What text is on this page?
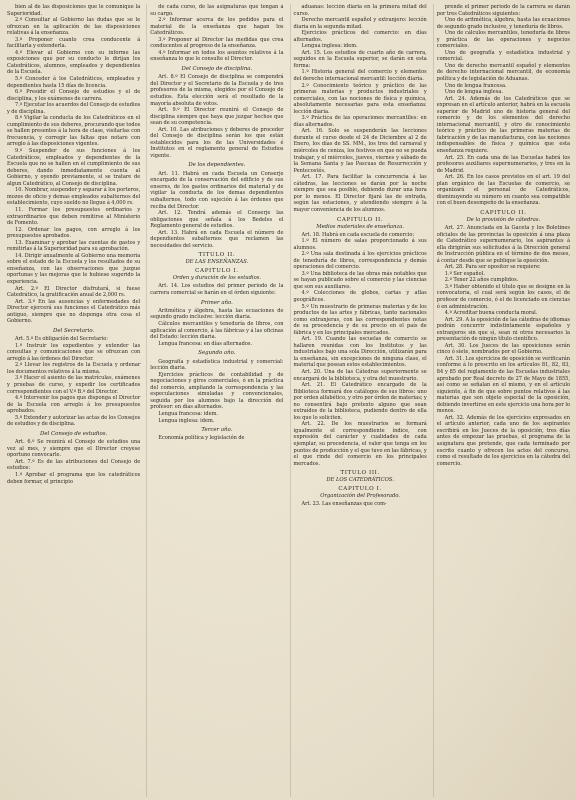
bien al de las disposiciones que le comunique la Superioridad.
2.º Consultar al Gobierno las dudas que se le ofrezcan en la aplicación de las disposiciones relativas á la enseñanza.
3.º Proponer cuanto crea conducente á facilitarla y extenderla.
4.º Elevar al Gobierno con su informe las exposiciones que por su conducto le dirijan los Catedráticos, alumnos, empleados y dependientes de la Escuela.
5.º Conceder á los Catedráticos, empleados y dependientes hasta 15 días de licencia.
6.º Presidir el Consejo de estudios y el de disciplina, y los exámenes de carrera.
7.º Ejecutar los acuerdos del Consejo de estudios y de disciplina.
8.º Vigilar la conducta de los Catedráticos en el cumplimiento de sus deberes, procurando que todos se hallen presentes á la hora de clase, visitarlas con frecuencia, y corregir las faltas que notare con arreglo á las disposiciones vigentes.
9.º Suspender de sus funciones á los Catedráticos, empleados y dependientes de la Escuela que no se hallen en el cumplimiento de sus deberes, dando inmediatamente cuenta al Gobierno, y oyendo previamente, si se tratare de algun Catedrático, al Consejo de disciplina.
10. Nombrar, suspender y separar á los porteros, mozos de oficio y demas empleados subalternos del establecimiento, cuyo sueldo no llegue á 4,000 rs.
11. Formar los presupuestos ordinarios y extraordinarios que deben remitirse al Ministerio de Fomento.
12. Ordenar los pagos, con arreglo á los presupuestos aprobados.
13. Examinar y aprobar las cuentas de gastos y remitirlas á la Superioridad para su aprobación.
14. Dirigir anualmente al Gobierno una memoria sobre el estado de la Escuela y los resultados de su enseñanza, con las observaciones que juzgue oportunas y las mejoras que le hubiese sugerido la experiencia.
Art. 2.º El Director disfrutará, si fuese Catedrático, la gratificación anual de 2,000 rs.
Art. 3.º En las ausencias y enfermedades del Director ejercerá sus funciones el Catedrático más antiguo, siempre que no disponga otra cosa el Gobierno.
Del Secretario.
Art. 5.º Es obligación del Secretario:
1.º Instruir los expedientes y extender las consultas y comunicaciones que se ofrezcan con arreglo á las órdenes del Director.
2.º Llevar los registros de la Escuela y ordenar los documentos relativos á la misma.
3.º Hacer el asiento de las matrículas, exámenes y pruebas de curso, y expedir los certificados correspondientes con el V.º B.º del Director.
4.º Intervenir los pagos que disponga el Director de la Escuela con arreglo á los presupuestos aprobados.
5.º Extender y autorizar las actas de los Consejos de estudios y de disciplina.
Del Consejo de estudios.
Art. 6.º Se reunirá el Consejo de estudios una vez al mes, y siempre que el Director creyese oportuno convocarle.
Art. 7.º Es de las atribuciones del Consejo de estudios:
1.º Aprobar el programa que los catedráticos deben formar, el principio
de cada curso, de las asignaturas que tengan á su cargo.
2.º Informar acerca de los pedidos para el material de la enseñanza que hagan los Catedráticos.
3.º Proponer al Director las medidas que crea conducentes al progreso de la enseñanza.
4.º Informar en todos los asuntos relativos á la enseñanza lo que le consulte el Director.
Del Consejo de disciplina.
Art. 8.º El Consejo de disciplina se compondrá del Director y el Secretario de la Escuela y de tres profesores de la misma, elegidos por el Consejo de estudios. Esta elección será el resultado de la mayoría absoluta de votos.
Art. 9.º El Director reunirá el Consejo de disciplina siempre que haya que juzgar hechos que sean de su competencia.
Art. 10. Las atribuciones y deberes de proceder del Consejo de disciplina serán los que están establecidos para los de las Universidades é Institutos en el reglamento general de Estudios vigente.
De los dependientes.
Art. 11. Habrá en cada Escuela un Conserje encargado de la conservación del edificio y de sus enseres, de los gastos ordinarios del material y de vigilar la conducta de los demas dependientes subalternos, todo con sujeción á las órdenes que reciba del Director.
Art. 12. Tendrá además el Conserje las obligaciones que señala á los Bedeles el Reglamento general de estudios.
Art. 13. Habrá en cada Escuela el número de dependientes subalternos que reclamen las necesidades del servicio.
TITULO II.
DE LAS ENSEÑANZAS.
CAPITULO I.
Orden y duración de los estudios.
Art. 14. Los estudios del primer periodo de la carrera comercial se harán en el órden siguiente:
Primer año.
Aritmética y álgebra, hasta las ecuaciones de segundo grado inclusive: lección diaria.
Cálculos mercantiles y teneduría de libros, con aplicación al comercio, á las fábricas y á las oficinas del Estado: lección diaria.
Lengua francesa: en días alternados.
Segundo año.
Geografía y estadística industrial y comercial: lección diaria.
Ejercicios prácticos de contabilidad y de negociaciones y giros comerciales, ó en la práctica del comercio, ampliando la correspondencia y las especulaciones simuladas y convencionales, seguida por los alumnos bajo la dirección del profesor: en días alternados.
Lengua francesa: idem.
Lengua inglesa: idem.
Tercer año.
Economía política y legislación de
aduanas: lección diaria en la primera mitad del curso.
Derecho mercantil español y extranjero: lección diaria en la segunda mitad.
Ejercicios prácticos del comercio: en días alternados.
Lengua inglesa: idem.
Art. 15. Los estudios de cuarto año de carrera, seguidos en la Escuela superior, se darán en esta forma:
1.º Historia general del comercio y elementos del derecho internacional mercantil: lección diaria.
2.º Conocimiento teórico y práctico de las primeras materias y productos industriales y comerciales, con las nociones de física y química, absolutamente necesarias para esta enseñanza: lección diaria.
3.º Práctica de las operaciones mercantiles: en días alternados.
Art. 16. Solo se suspenderán las lecciones durante el curso desde el 24 de Diciembre al 2 de Enero, los días de SS. MM., los tres del carnaval y miércoles de ceniza, los festivos en que no se pueda trabajar, y el miércoles, jueves, viernes y sábado de la Semana Santa y las Pascuas de Resurrección y Pentecostés.
Art. 17. Para facilitar la concurrencia á las cátedras, las lecciones se darán por la noche siempre que sea posible, debiendo durar una hora por lo menos. El Director fijará las de entrada, según las estaciones, y atendiendo siempre á la mayor conveniencia de los alumnos.
CAPITULO II.
Medios materiales de enseñanza.
Art. 18. Habrá en cada escuela de comercio:
1.º El número de salas proporcionado á sus alumnos.
2.º Una sala destinada á los ejercicios prácticos de teneduría de libros, correspondencia y demás operaciones del comercio.
3.º Una biblioteca de las obras más notables que se hayan publicado sobre el comercio y las ciencias que son sus auxiliares.
4.º Colecciones de globos, cartas y atlas geográficos.
5.º Un muestrario de primeras materias y de los productos de las artes y fábricas, tanto nacionales como extranjeras, con las correspondientes notas de su procedencia y de su precio en el país de fábrica y en los principales mercados.
Art. 19. Cuando las escuelas de comercio se hallaren reunidas con los Institutos y las industriales bajo una sola Dirección, utilizarán para la enseñanza, sin excepciones de ninguna clase, el material que posean estos establecimientos.
Art. 20. Una de las Cátedras superiormente se encargará de la biblioteca, y otra del muestrario.
Art. 21. El Catedrático encargado de la Biblioteca formará dos catálogos de sus libros: uno por orden alfabético, y otro por órden de materias; y no consentirá bajo pretexto alguno que sean extraídos de la biblioteca, pudiendo dentro de ella los que lo soliciten.
Art. 22. De los muestrarios se formará igualmente el correspondiente índice, con expresión del carácter y cualidades de cada ejemplar, su procedencia, el valor que tenga en los puntos de producción y el que tuvo en las fábricas, y el que rinde del comercio en los principales mercados.
TITULO III.
DE LOS CATEDRÁTICOS.
CAPITULO I.
Organización del Profesorado.
Art. 23. Las enseñanzas que com-
prende el primer periodo de la carrera se darán por tres Catedráticos siguientes:
Uno de aritmética, álgebra, hasta las ecuaciones de segundo grado inclusive, y teneduría de libros.
Uno de cálculos mercantiles, teneduría de libros y práctica de las operaciones y negocios comerciales.
Uno de geografía y estadística industrial y comercial.
Uno de derecho mercantil español y elementos de derecho internacional mercantil, de economía política y de legislación de Aduanas.
Uno de lengua francesa.
Uno de lengua inglesa.
Art. 24. Además de los Catedráticos que se expresan en el artículo anterior, habrá en la escuela superior de Madrid uno de historia general del comercio y de los elementos del derecho internacional mercantil, y otro de conocimiento teórico y práctico de las primeras materias de fabricación y de las manufacturas, con las nociones indispensables de física y química que esta enseñanza requiere.
Art. 25. En cada una de las Escuelas habrá los profesores auxiliares supernumerarios, y tres en la de Madrid.
Art. 26. En los casos previstos en el art. 19 del plan orgánico de las Escuelas de comercio, se organizará el personal de Catedráticos, disminuyendo su número en cuanto sea compatible con el buen desempeño de la enseñanza.
CAPITULO II.
De la provisión de cátedras.
Art. 27. Anunciada en la Gaceta y los Boletines oficiales de las provincias la oposición á una plaza de Catedrático supernumerario, los aspirantes á ella dirigirán sus solicitudes á la Dirección general de Instrucción pública en el término de dos meses, á contar desde que se publique la oposición.
Art. 28. Para ser opositor se requiere:
1.º Ser español.
2.º Tener 22 años cumplidos.
3.º Haber obtenido el título que se designe en la convocatoria, el cual será según los casos, el de profesor de comercio, ó el de licenciado en ciencias ó en administración.
4.º Acreditar buena conducta moral.
Art. 29. A la oposición de las cátedras de idiomas podrán concurrir indistintamente españoles y extranjeros sin que sí, sean ni otros necesarios la presentación de ningún título científico.
Art. 30. Los Jueces de las oposiciones serán cinco ó siete, nombrados por el Gobierno.
Art. 31. Los ejercicios de oposición se verificarán conforme á lo prescrito en los artículos 81, 82, 83, 84 y 85 del reglamento de las Escuelas industriales aprobado por Real decreto de 27 de Mayo de 1855, así como se señalan en el mismo, y en el artículo siguiente, á fin de que sobre puntos relativos á las materias que son objeto especial de la oposición, debiendo invertirse en este ejercicio una hora por lo menos.
Art. 32. Además de los ejercicios expresados en el artículo anterior, cada uno de los aspirantes escribirá en los Jueces de la oposición, tres días antes de empezar las pruebas, el programa de la asignatura que pretende, que cada terminado por escrito cuanto y ofrecen los actos del concurso, como el resultado de los ejercicios en la cátedra del comercio.
